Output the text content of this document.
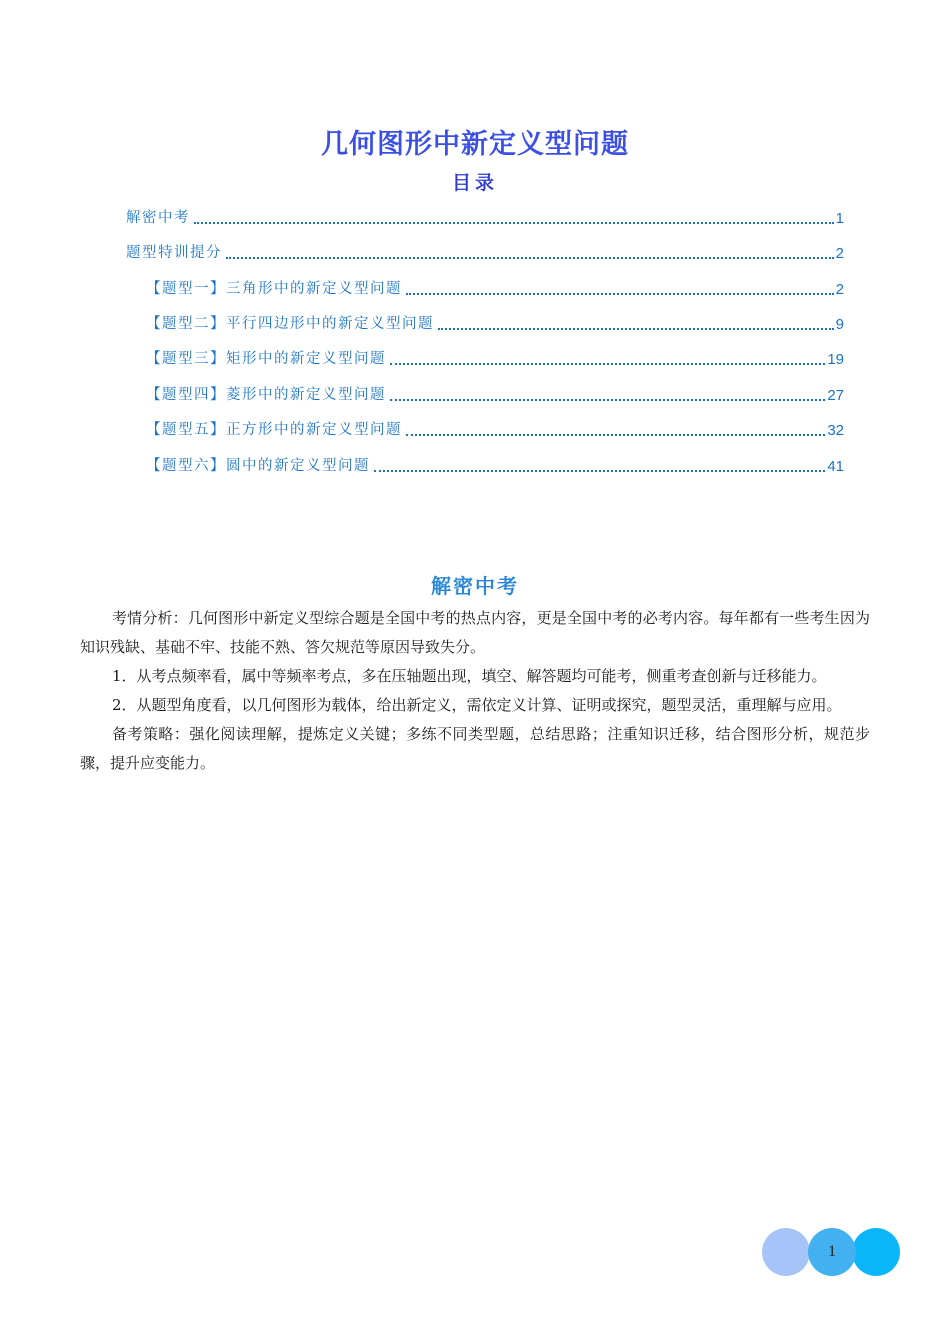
几何图形中新定义型问题
目录
解密中考	1
题型特训提分	2
【题型一】三角形中的新定义型问题	2
【题型二】平行四边形中的新定义型问题	9
【题型三】矩形中的新定义型问题	19
【题型四】菱形中的新定义型问题	27
【题型五】正方形中的新定义型问题	32
【题型六】圆中的新定义型问题	41
解密中考

考情分析：几何图形中新定义型综合题是全国中考的热点内容，更是全国中考的必考内容。每年都有一些考生因为知识残缺、基础不牢、技能不熟、答欠规范等原因导致失分。

1．从考点频率看，属中等频率考点，多在压轴题出现，填空、解答题均可能考，侧重考查创新与迁移能力。

2．从题型角度看，以几何图形为载体，给出新定义，需依定义计算、证明或探究，题型灵活，重理解与应用。

备考策略：强化阅读理解，提炼定义关键；多练不同类型题，总结思路；注重知识迁移，结合图形分析，规范步骤，提升应变能力。

1
